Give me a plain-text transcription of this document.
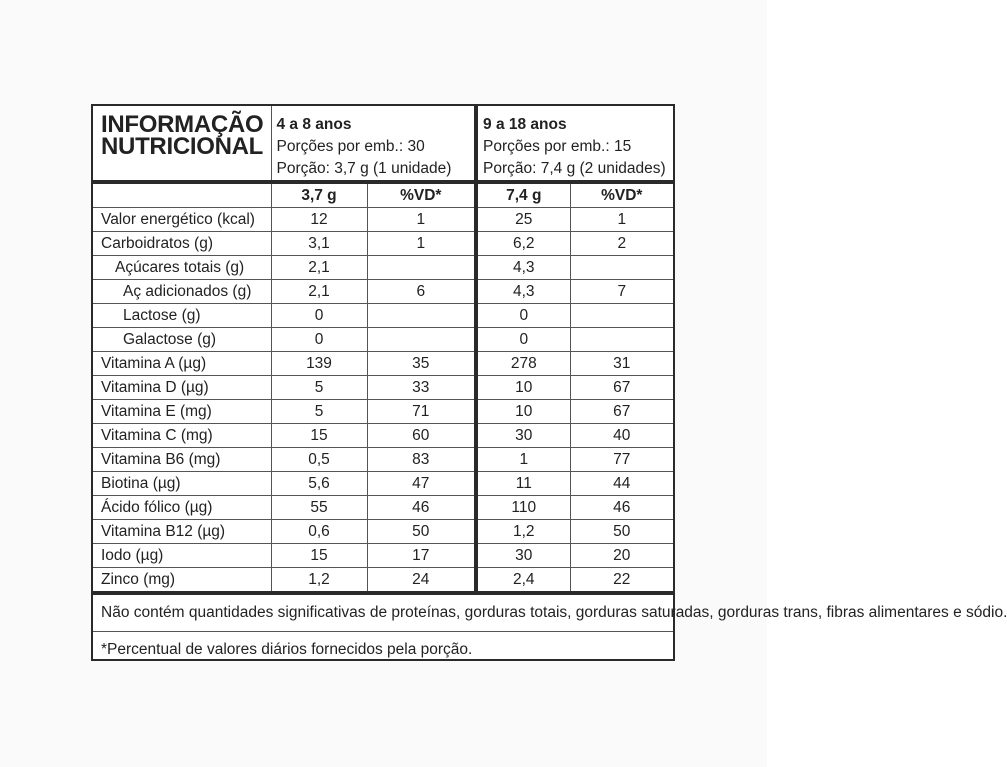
INFORMAÇÃO
NUTRICIONAL	4 a 8 anos
Porções por emb.: 30
Porção: 3,7 g (1 unidade)		9 a 18 anos
Porções por emb.: 15
Porção: 7,4 g (2 unidades)	

	3,7 g	%VD*	7,4 g	%VD*
Valor energético (kcal)	12	1	25	1
Carboidratos (g)	3,1	1	6,2	2
Açúcares totais (g)	2,1		4,3	
Aç adicionados (g)	2,1	6	4,3	7
Lactose (g)	0		0	
Galactose (g)	0		0	
Vitamina A (µg)	139	35	278	31
Vitamina D (µg)	5	33	10	67
Vitamina E (mg)	5	71	10	67
Vitamina C (mg)	15	60	30	40
Vitamina B6 (mg)	0,5	83	1	77
Biotina (µg)	5,6	47	11	44
Ácido fólico (µg)	55	46	110	46
Vitamina B12 (µg)	0,6	50	1,2	50
Iodo (µg)	15	17	30	20
Zinco (mg)	1,2	24	2,4	22
Não contém quantidades significativas de proteínas, gorduras totais, gorduras saturadas, gorduras trans, fibras alimentares e sódio.				
*Percentual de valores diários fornecidos pela porção.				
